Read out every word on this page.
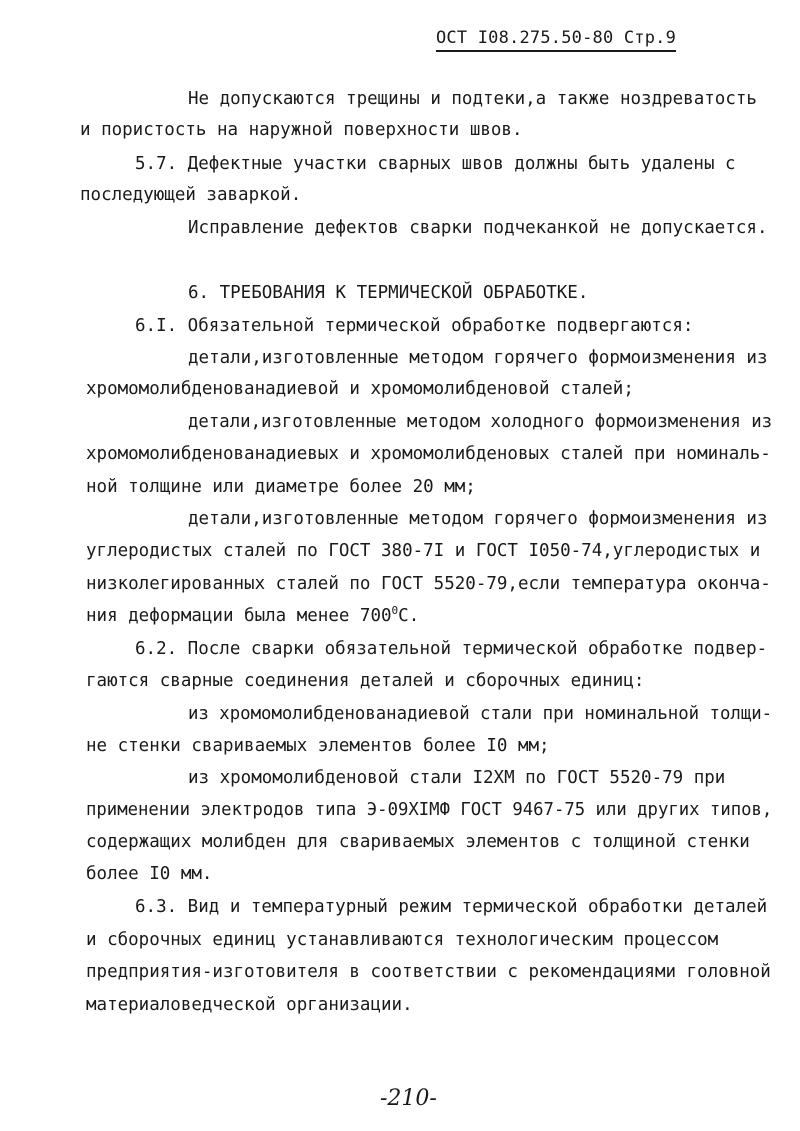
ОСТ I08.275.50-80 Стр.9
Не допускаются трещины и подтеки,а также ноздреватость
и пористость на наружной поверхности швов.
5.7. Дефектные участки сварных швов должны быть удалены с
последующей заваркой.
Исправление дефектов сварки подчеканкой не допускается.
6. ТРЕБОВАНИЯ К ТЕРМИЧЕСКОЙ ОБРАБОТКЕ.
6.I. Обязательной термической обработке подвергаются:
детали,изготовленные методом горячего формоизменения из
хромомолибденованадиевой и хромомолибденовой сталей;
детали,изготовленные методом холодного формоизменения из
хромомолибденованадиевых и хромомолибденовых сталей при номиналь-
ной толщине или диаметре более 20 мм;
детали,изготовленные методом горячего формоизменения из
углеродистых сталей по ГОСТ 380-7I и ГОСТ I050-74,углеродистых и
низколегированных сталей по ГОСТ 5520-79,если температура оконча-
ния деформации была менее $700^0С$.
6.2. После сварки обязательной термической обработке подвер-
гаются сварные соединения деталей и сборочных единиц:
из хромомолибденованадиевой стали при номинальной толщи-
не стенки свариваемых элементов более I0 мм;
из хромомолибденовой стали I2ХМ по ГОСТ 5520-79 при
применении электродов типа Э-09ХIМФ ГОСТ 9467-75 или других типов,
содержащих молибден для свариваемых элементов с толщиной стенки
более I0 мм.
6.3. Вид и температурный режим термической обработки деталей
и сборочных единиц устанавливаются технологическим процессом
предприятия-изготовителя в соответствии с рекомендациями головной
материаловедческой организации.
-210-
